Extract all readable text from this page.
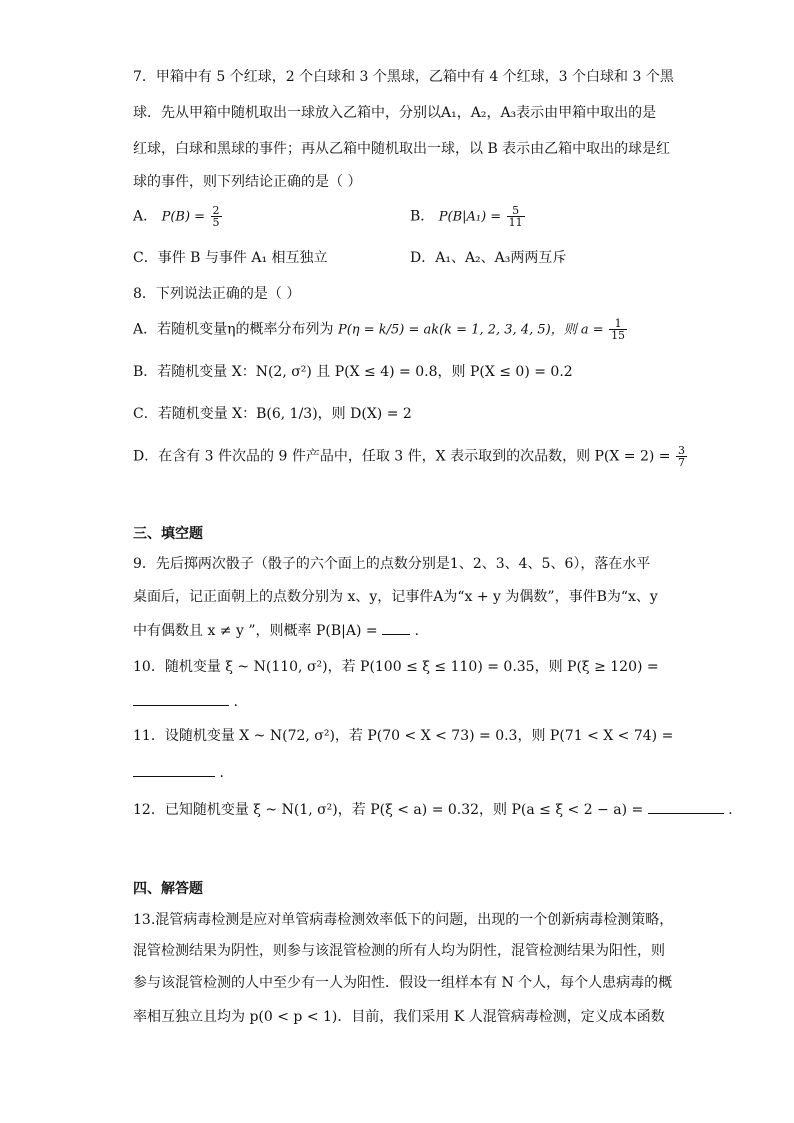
7．甲箱中有 5 个红球，2 个白球和 3 个黑球，乙箱中有 4 个红球，3 个白球和 3 个黑
球．先从甲箱中随机取出一球放入乙箱中，分别以A₁，A₂，A₃表示由甲箱中取出的是
红球，白球和黑球的事件；再从乙箱中随机取出一球，以 B 表示由乙箱中取出的球是红
球的事件，则下列结论正确的是（ ）
A． $P(B) = \frac{2}{5}$	B． $P(B|A_1) = \frac{5}{11}$
C．事件 B 与事件 A₁ 相互独立	D．A₁、A₂、A₃两两互斥
8．下列说法正确的是（ ）
A．若随机变量η的概率分布列为 P(η = k/5) = ak(k = 1, 2, 3, 4, 5)，则 $a = \frac{1}{15}$
B．若随机变量 X：N(2, σ²) 且 P(X ≤ 4) = 0.8，则 P(X ≤ 0) = 0.2
C．若随机变量 X：B(6, 1/3)，则 D(X) = 2
D．在含有 3 件次品的 9 件产品中，任取 3 件，X 表示取到的次品数，则 $P(X = 2) = \frac{3}{7}$
三、填空题
9．先后掷两次骰子（骰子的六个面上的点数分别是1、2、3、4、5、6），落在水平
桌面后，记正面朝上的点数分别为 x、y，记事件A为“x + y 为偶数”，事件B为“x、y
中有偶数且 x ≠ y ”，则概率 P(B|A) =	.
10．随机变量 ξ ~ N(110, σ²)，若 P(100 ≤ ξ ≤ 110) = 0.35，则 P(ξ ≥ 120) =
.
11．设随机变量 X ~ N(72, σ²)，若 P(70 < X < 73) = 0.3，则 P(71 < X < 74) =
.
12．已知随机变量 ξ ~ N(1, σ²)，若 P(ξ < a) = 0.32，则 P(a ≤ ξ < 2 − a) =	.
四、解答题
13.混管病毒检测是应对单管病毒检测效率低下的问题，出现的一个创新病毒检测策略，
混管检测结果为阴性，则参与该混管检测的所有人均为阴性，混管检测结果为阳性，则
参与该混管检测的人中至少有一人为阳性．假设一组样本有 N 个人，每个人患病毒的概
率相互独立且均为 p(0 < p < 1)．目前，我们采用 K 人混管病毒检测，定义成本函数
